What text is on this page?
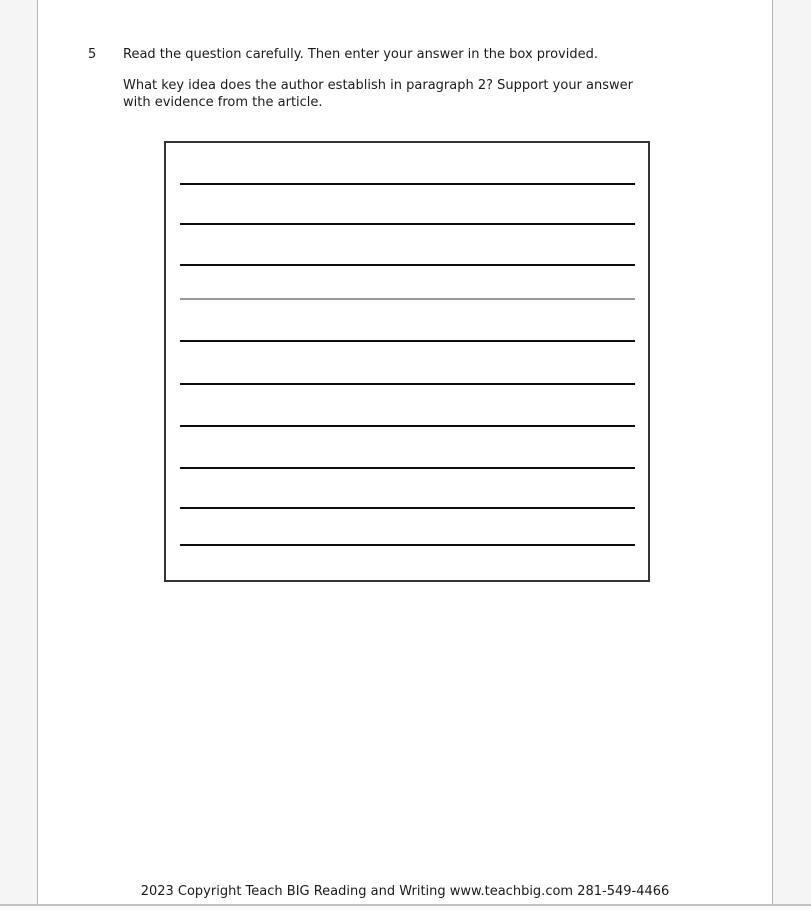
5 Read the question carefully. Then enter your answer in the box provided.
What key idea does the author establish in paragraph 2? Support your answer
with evidence from the article.
2023 Copyright Teach BIG Reading and Writing www.teachbig.com 281-549-4466
